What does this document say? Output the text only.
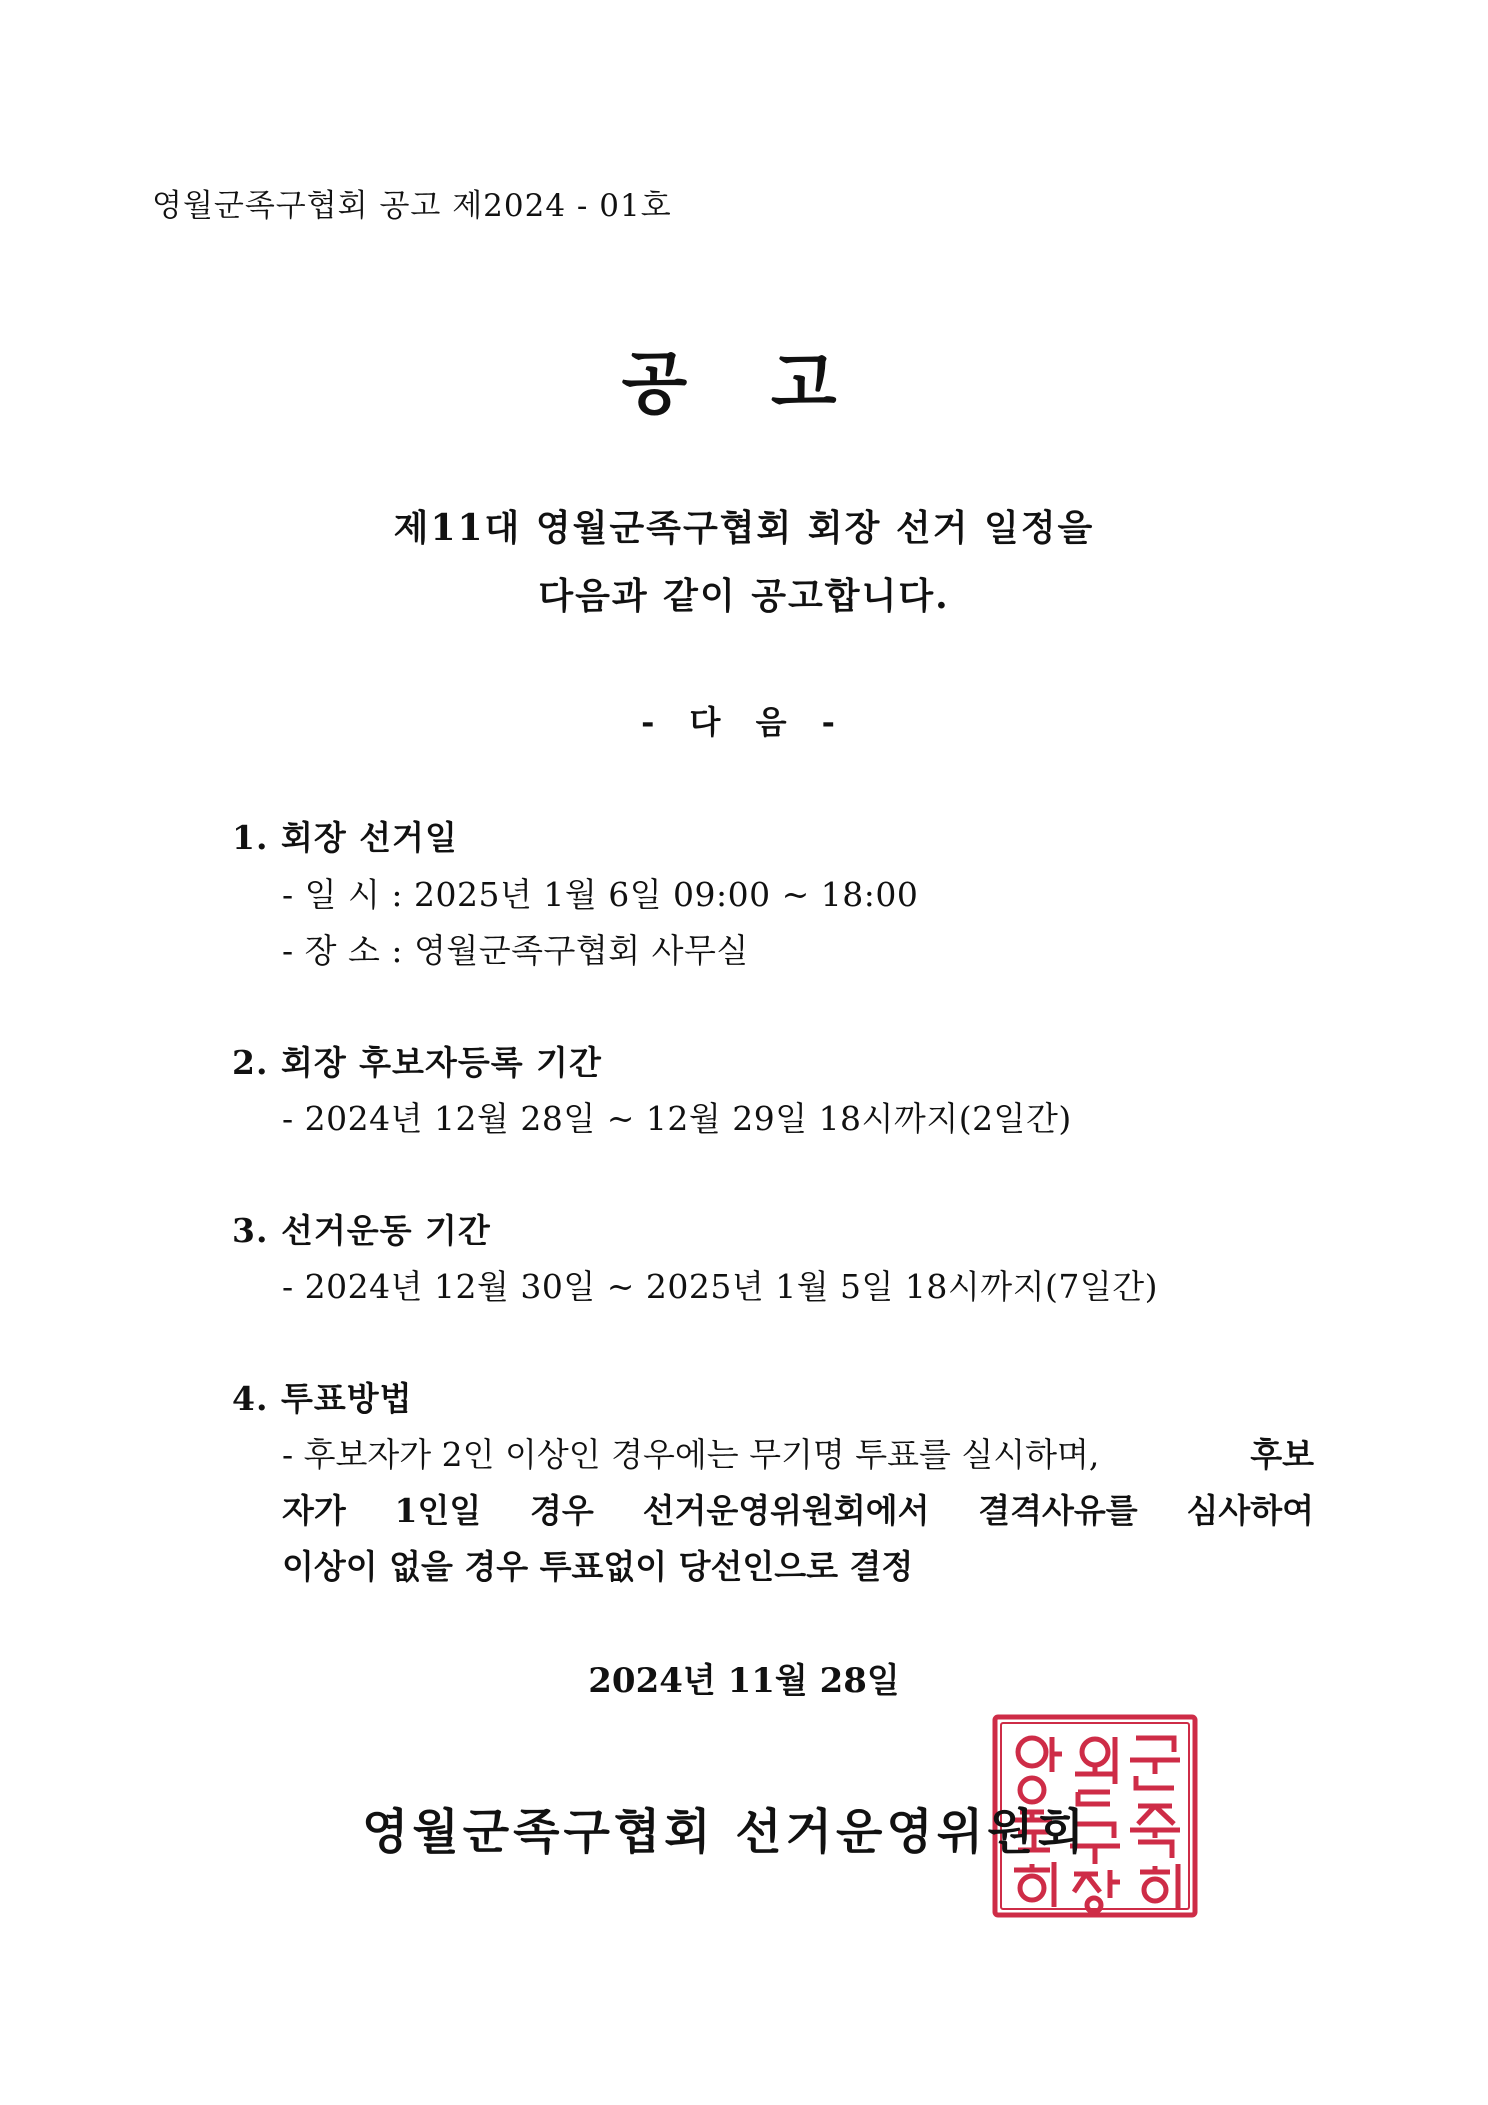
영월군족구협회 공고 제2024 - 01호
공 고
제11대 영월군족구협회 회장 선거 일정을
다음과 같이 공고합니다.
- 다 음 -
1. 회장 선거일
- 일 시 : 2025년 1월 6일 09:00 ~ 18:00
- 장 소 : 영월군족구협회 사무실
2. 회장 후보자등록 기간
- 2024년 12월 28일 ~ 12월 29일 18시까지(2일간)
3. 선거운동 기간
- 2024년 12월 30일 ~ 2025년 1월 5일 18시까지(7일간)
4. 투표방법
- 후보자가 2인 이상인 경우에는 무기명 투표를 실시하며,	후보
자가 1인일 경우 선거운영위원회에서 결격사유를 심사하여
이상이 없을 경우 투표없이 당선인으로 결정
2024년 11월 28일
영월군족구협회 선거운영위원회
